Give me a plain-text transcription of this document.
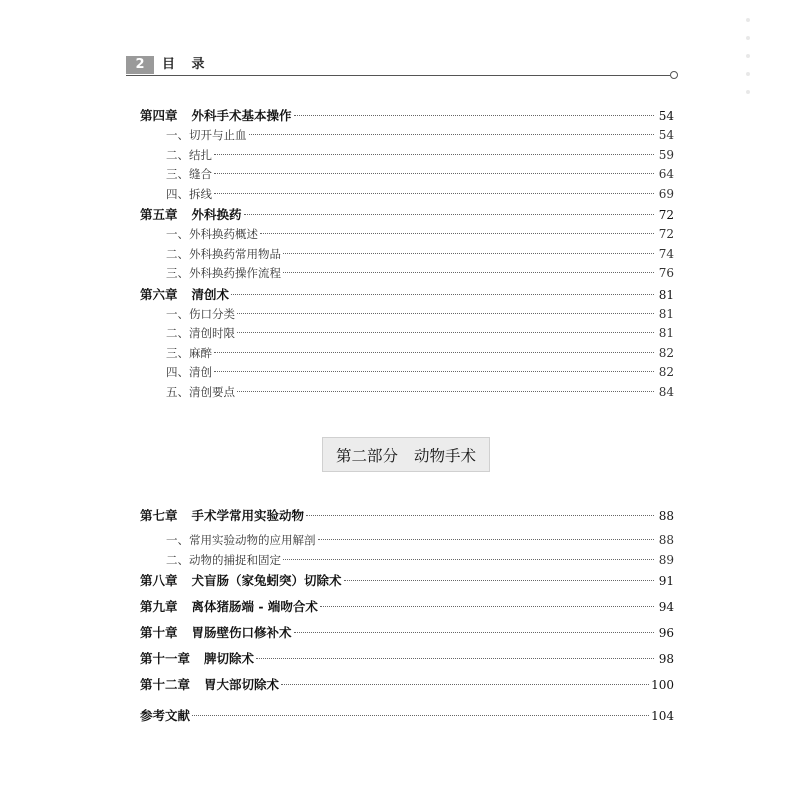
2	目 录
第四章 外科手术基本操作	54
一、切开与止血	54
二、结扎	59
三、缝合	64
四、拆线	69
第五章 外科换药	72
一、外科换药概述	72
二、外科换药常用物品	74
三、外科换药操作流程	76
第六章 清创术	81
一、伤口分类	81
二、清创时限	81
三、麻醉	82
四、清创	82
五、清创要点	84
第二部分 动物手术
第七章 手术学常用实验动物	88
一、常用实验动物的应用解剖	88
二、动物的捕捉和固定	89
第八章 犬盲肠（家兔蚓突）切除术	91
第九章 离体猪肠端 - 端吻合术	94
第十章 胃肠壁伤口修补术	96
第十一章 脾切除术	98
第十二章 胃大部切除术	100
参考文献	104
